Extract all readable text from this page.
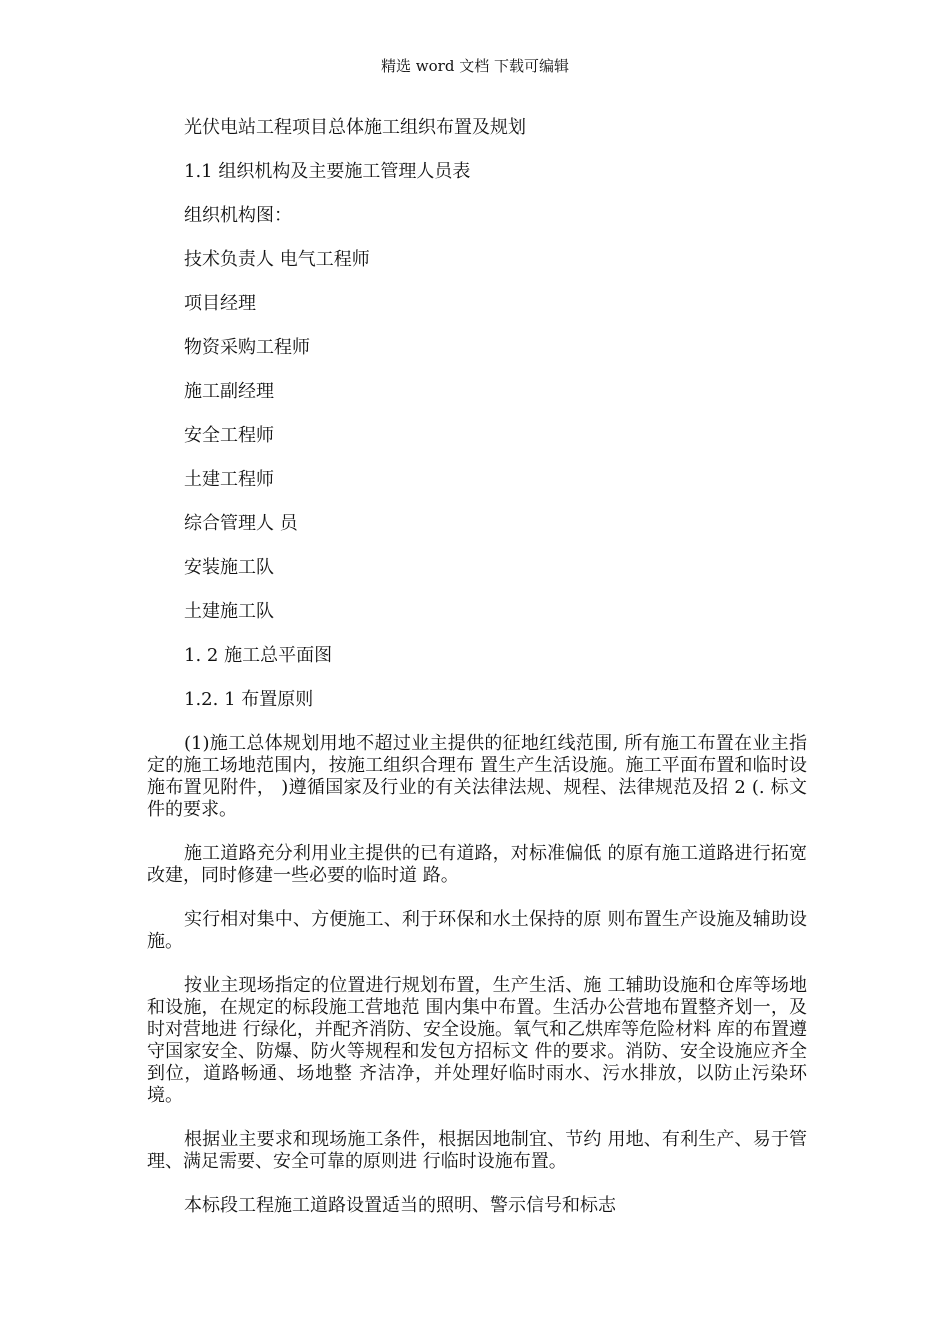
精选 word 文档 下载可编辑
光伏电站工程项目总体施工组织布置及规划
1.1 组织机构及主要施工管理人员表
组织机构图：
技术负责人 电气工程师
项目经理
物资采购工程师
施工副经理
安全工程师
土建工程师
综合管理人 员
安装施工队
土建施工队
1. 2 施工总平面图
1.2. 1 布置原则
(1)施工总体规划用地不超过业主提供的征地红线范围, 所有施工布置在业主指定的施工场地范围内，按施工组织合理布 置生产生活设施。施工平面布置和临时设施布置见附件， )遵循国家及行业的有关法律法规、规程、法律规范及招 2 (. 标文件的要求。
施工道路充分利用业主提供的已有道路，对标准偏低 的原有施工道路进行拓宽改建，同时修建一些必要的临时道 路。
实行相对集中、方便施工、利于环保和水土保持的原 则布置生产设施及辅助设施。
按业主现场指定的位置进行规划布置，生产生活、施 工辅助设施和仓库等场地和设施，在规定的标段施工营地范 围内集中布置。生活办公营地布置整齐划一，及时对营地进 行绿化，并配齐消防、安全设施。氧气和乙烘库等危险材料 库的布置遵守国家安全、防爆、防火等规程和发包方招标文 件的要求。消防、安全设施应齐全到位，道路畅通、场地整 齐洁净，并处理好临时雨水、污水排放，以防止污染环境。
根据业主要求和现场施工条件，根据因地制宜、节约 用地、有利生产、易于管理、满足需要、安全可靠的原则进 行临时设施布置。
本标段工程施工道路设置适当的照明、警示信号和标志
